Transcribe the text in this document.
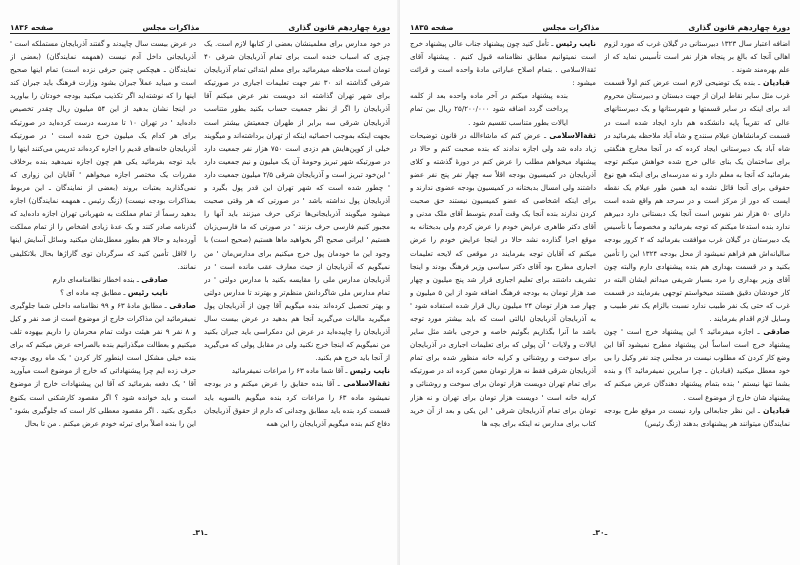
دورهٔ چهاردهم قانون گذاری
مذاکرات مجلس
صفحه ۱۸۳۶

در خود مدارس برای معلمینشان بعضی از کتابها لازم است. یک چیزی که اسباب خنده است برای تمام آذربایجان شرقی ۴۰ تومان است ملاحظه میفرمائید برای معلم ابتدائی تمام آذربایجان شرقی گذاشته اند ۳۰ نفر جهت تعلیمات اجباری در صورتیکه برای شهر تهران گذاشته اند دویست نفر عرض میکنم آقا آذربایجان را اگر از نظر جمعیت حساب بکنید بطور متناسب آذربایجان شرقی سه برابر از طهران جمعیتش بیشتر است بجهت اینکه بموجب احصائیه اینکه از تهران برداشته‌اند و میگویند خیلی از کوپن‌هایش هم دزدی است ۷۵۰ هزار نفر جمعیت دارد در صورتیکه شهر تبریز وحومهٔ آن یک میلیون و نیم جمعیت دارد ' این‌خود تبریز است و آذربایجان شرقی ۲/۵ میلیون جمعیت دارد ' چطور شده است که شهر تهران این قدر پول بگیرد و آذربایجان پول نداشته باشد ' در صورتی که هر وقتی صحبت میشود میگویند آذربایجانی‌ها ترکی حرف میزنند باید آنها را مجبور کنیم فارسی حرف بزنند ' در صورتی که ما فارسی‌زبان هستیم ' ایرانی صحیح اگر بخواهید ماها هستیم (صحیح است) با وجود این ما خودمان پول خرج میکنیم برای مدارس‌مان ' من نمیگویم که آذربایجان از حیث معارف عقب مانده است ' در آذربایجان مدارس ملی را مقایسه بکنید با مدارس دولتی ' در تمام مدارس ملی شاگردانش منظم‌تر و بهترند تا مدارس دولتی و بهتر تحصیل کرده‌اند بنده میگویم آقا چون از آذربایجان پول میگیرید مالیات می‌گیرید آنجا هم بدهید در عرض بیست سال آذربایجان را چاپیده‌اید در عرض این دمکراسی باید جبران بکنید من نمیگویم که اینجا خرج نکنید ولی در مقابل پولی که می‌گیرید از آنجا باید خرج هم بکنید.

نایب رئیس ـ آقا شما ماده ۶۳ را مراعات نمیفرمائید

ثقةالاسلامی ـ آقا بنده حقایق را عرض میکنم و در بودجه نمیشود ماده ۶۳ را مراعات کرد بنده میگویم بالسویه باید قسمت کرد بنده باید مطابق وجدانی که دارم از حقوق آذربایجان دفاع کنم بنده میگویم آذربایجان را این همه

در عرض بیست سال چاپیدند و گفتند آذربایجان مستملکه است ' آذربایجانی داخل آدم نیست (همهمه نمایندگان) (بعضی از نمایندگان ـ هیچکس چنین حرفی نزده است) تمام اینها صحیح است و میباید عملاً جبران بشود وزارت فرهنگ باید جبران کند اینها را که نوشته‌اید اگر تکذیب میکنید بودجه خودتان را بیاورید در اینجا نشان بدهید از این ۵۴ میلیون ریال چقدر تخصیص داده‌اید ' در تهران ۱۰ تا مدرسه درست کرده‌اید در صورتیکه برای هر کدام یک میلیون خرج شده است ' در صورتیکه آذربایجان خانه‌های قدیم را اجاره کرده‌اند تدریس می‌کنند اینها را باید توجه بفرمائید یکی هم چون اجازه نمیدهید بنده برخلاف مقررات یک مختصر اجازه میخواهم ' آقایان این زواری که نمی‌گذارید بعتبات بروند (بعضی از نمایندگان ـ این مربوط بمذاکرات بودجه نیست) (زنگ رئیس ـ همهمه نمایندگان) اجازه بدهید رسماً از تمام مملکت به شهربانی تهران اجازه داده‌اید که گذرنامه صادر کنند و یک عدهٔ زیادی اشخاص را از تمام مملکت آورده‌اید و حالا هم بطور معطل‌شان میکنید وسائل آسایش اینها را لااقل تأمین کنید که سرگردان توی گاراژها بحال بلاتکلیفی نمانند.

صادقی ـ بنده اخطار نظامنامه‌ای دارم

نایب رئیس ـ مطابق چه ماده ای ؟

صادقی ـ مطابق مادهٔ ۶۳ و ۹۹ نظامنامه داخلی شما جلوگیری نمیفرمائید این مذاکرات خارج از موضوع است از صد نفر و کیل و ۸ نفر ۹ نفر هیئت دولت تمام محرمان را داریم بیهوده تلف میکنیم و بعطالت میگذرانیم بنده بالصراحه عرض میکنم که برای بنده خیلی مشکل است اینطور کار کردن ' یک ماه روی بودجه حرف زده ایم چرا پیشنهاداتی که خارج از موضوع است میآورید آقا ' یک دفعه بفرمائید که آقا این پیشنهادات خارج از موضوع است و باید خوانده شود ؟ اگر مقصود کارشکنی است بکنوع دیگری بکنید . اگر مقصود معطلی کار است که جلوگیری بشود ' این را بنده اصلاً برای تبرئه خودم عرض میکنم . من تا بحال

ـ۳۱ـ
دورهٔ چهاردهم قانون گذاری
مذاکرات مجلس
صفحه ۱۸۳۵

اضافه اعتبار سال ۱۳۲۳ دبیرستانی در گیلان غرب که مورد لزوم اهالی آنجا که بالغ بر پنجاه هزار نفر است تأسیس نماید که از علم بهره‌مند شوند .

قبادیان ـ بنده یک توضیحی لازم است عرض کنم اولاً قسمت غرب مثل سایر نقاط ایران از جهت دبستان و دبیرستان محروم اند برای اینکه در سایر قسمتها و شهرستانها و یک دبیرستانهای عالی که تقریباً پایه دانشکده هم دارد ایجاد شده است در قسمت کرمانشاهان عیلام سنندج و شاه آباد ملاحظه بفرمائید در شاه آباد یک دبیرستانی ایجاد کرده که در آنجا مخارج هنگفتی برای ساختمان یک بنای عالی خرج شده خواهش میکنم توجه بفرمائید که آنجا به معلم دارد و نه مدرسه‌ای برای اینکه هیچ نوع حقوقی برای آنجا قائل نشده اید همین طور عیلام یک نقطه ایست که دور از مرکز است و در سرحد هم واقع شده است دارای ۵۰ هزار نفر نفوس است آنجا یک دبستانی دارد دبیرهم ندارد بنده استدعا میکنم که توجه بفرمائید و مخصوصاً با تأسیس یک دبیرستان در گیلان غرب موافقت بفرمائید که ۲ کرور بودجه سالیانه‌اش هم فراهم نمیشود از محل بودجه ۱۳۲۴ این را تأمین بکنید و در قسمت بهداری هم بنده پیشنهادی دارم والبته چون آقای وزیر بهداری را مرد بسیار شریفی میدانم ایشان البته در کار خودشان دقیق هستند میخواستم توجهی بفرمایند در قسمت غرب که حتی یک نفر طبیب ندارد نسبت بالزام یک نفر طبیب و وسایل لازم اقدام بفرمایند .

صادقی ـ اجازه میفرمائید ؟ این پیشنهاد خرج است ' چون پیشنهاد خرج است اساساً این پیشنهاد مطرح نمیشود آقا این وضع کار کردن که مطلوب نیست در مجلس چند نفر وکیل را بی خود معطل میکنید (قبادیان ـ چرا سایرین نمیفرمائید ؟) و بنده بشما تنها نیستم ' بنده بتمام پیشنهاد دهندگان عرض میکنم که پیشنهاد شان خارج از موضوع است .

قبادیان ـ این نظر جنابعالی وارد نیست در موقع طرح بودجه نمایندگان میتوانند هر پیشنهادی بدهند (زنگ رئیس)

نایب رئیس ـ تأمل کنید چون پیشنهاد جناب عالی پیشنهاد خرج است نمیتوانیم مطابق نظامنامه قبول کنیم . پیشنهاد آقای ثقةالاسلامی . بتمام اصلاح عباراتی مادهٔ واحده است و قرائت میشود :

بنده پیشنهاد میکنم در آخر ماده واحده بعد از کلمه پرداخت گردد اضافه شود ۲۵/۲۰۰/۰۰۰ ریال بین تمام ایالات بطور متناسب تقسیم شود .

ثقةالاسلامی ـ عرض کنم که ماشاءالله در قانون توضیحات زیاد داده شد ولی اجازه ندادند که بنده صحبت کنم و حالا در پیشنهاد میخواهم مطلب را عرض کنم در دورهٔ گذشته و کلای آذربایجان در کمیسیون بودجه اقلاً سه چهار نفر پنج نفر عضو داشتند ولی امسال بدبختانه در کمیسیون بودجه عضوی ندارند و برای اینکه اشخاصی که عضو کمیسیون نیستند حق صحبت کردن ندارند بنده آنجا یک وقت آمدم بتوسط آقای ملک مدنی و آقای دکتر طاهری عرایض خودم را عرض کردم ولی بدبختانه به موقع اجرا گذارده نشد حالا در اینجا عرایض خودم را عرض میکنم که آقایان توجه بفرمایند در موقعی که لایحه تعلیمات اجباری مطرح بود آقای دکتر سیاسی وزیر فرهنگ بودند و اینجا تشریف داشتند برای تعلیم اجباری قرار شد پنج میلیون و چهار صد هزار تومان به بودجه فرهنگ اضافه شود از این ۵ میلیون و چهار صد هزار تومان ۲۴ میلیون ریال قرار شده استفاده شود ' به آذربایجان آذربایجان ایالتی است که باید بیشتر مورد توجه باشد ما آنرا بگذاریم بگوئیم خاصه و خرجی باشد مثل سایر ایالات و ولایات ' آن پولی که برای تعلیمات اجباری در آذربایجان برای سوخت و روشنائی و کرایه خانه منظور شده برای تمام آذربایجان شرقی فقط نه هزار تومان معین کرده اند در صورتیکه برای تمام تهران دویست هزار تومان برای سوخت و روشنائی و کرایه خانه است ' دویست هزار تومان برای تهران و نه هزار تومان برای تمام آذربایجان شرقی ' این یکی و بعد از آن خرید کتاب برای مدارس نه اینکه برای بچه ها

ـ۳۰ـ
